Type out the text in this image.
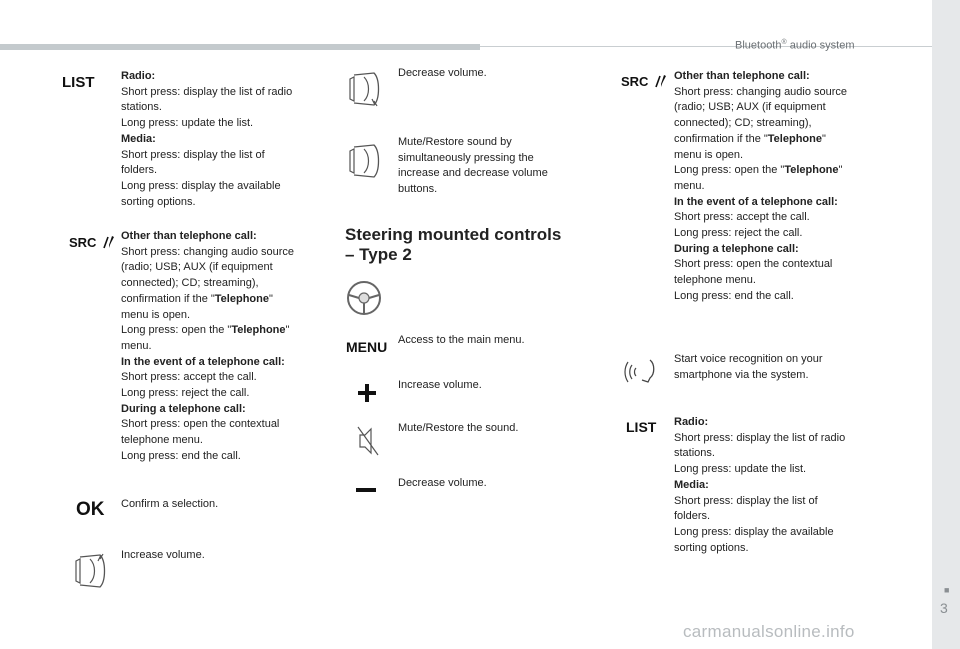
Bluetooth® audio system
LIST Radio:
Short press: display the list of radio
stations.
Long press: update the list.
Media:
Short press: display the list of
folders.
Long press: display the available
sorting options.
SRC	Other than telephone call:
Short press: changing audio source
(radio; USB; AUX (if equipment
connected); CD; streaming),
confirmation if the "Telephone"
menu is open.
Long press: open the "Telephone"
menu.
In the event of a telephone call:
Short press: accept the call.
Long press: reject the call.
During a telephone call:
Short press: open the contextual
telephone menu.
Long press: end the call.
OK Confirm a selection.
Increase volume.
Decrease volume.
Mute/Restore sound by
simultaneously pressing the
increase and decrease volume
buttons.
Steering mounted controls
– Type 2
MENU Access to the main menu.
Increase volume.
Mute/Restore the sound.
Decrease volume.
SRC	Other than telephone call:
Short press: changing audio source
(radio; USB; AUX (if equipment
connected); CD; streaming),
confirmation if the "Telephone"
menu is open.
Long press: open the "Telephone"
menu.
In the event of a telephone call:
Short press: accept the call.
Long press: reject the call.
During a telephone call:
Short press: open the contextual
telephone menu.
Long press: end the call.
Start voice recognition on your
smartphone via the system.
LIST Radio:
Short press: display the list of radio
stations.
Long press: update the list.
Media:
Short press: display the list of
folders.
Long press: display the available
sorting options.
■
3
carmanualsonline.info
